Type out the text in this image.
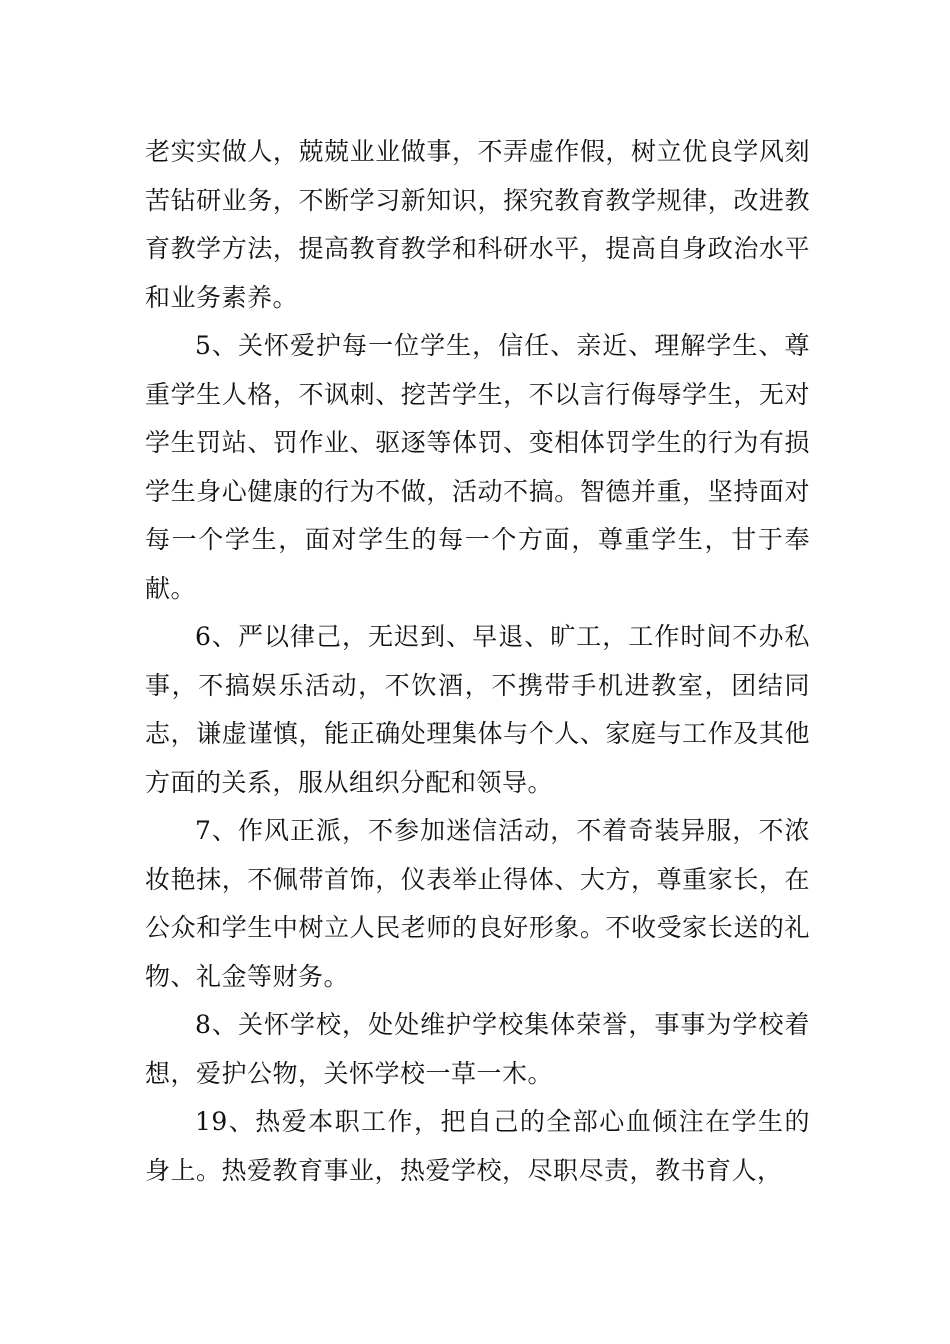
老实实做人，兢兢业业做事，不弄虚作假，树立优良学风刻苦钻研业务，不断学习新知识，探究教育教学规律，改进教育教学方法，提高教育教学和科研水平，提高自身政治水平和业务素养。

5、关怀爱护每一位学生，信任、亲近、理解学生、尊重学生人格，不讽刺、挖苦学生，不以言行侮辱学生，无对学生罚站、罚作业、驱逐等体罚、变相体罚学生的行为有损学生身心健康的行为不做，活动不搞。智德并重，坚持面对每一个学生，面对学生的每一个方面，尊重学生，甘于奉献。

6、严以律己，无迟到、早退、旷工，工作时间不办私事，不搞娱乐活动，不饮酒，不携带手机进教室，团结同志，谦虚谨慎，能正确处理集体与个人、家庭与工作及其他方面的关系，服从组织分配和领导。

7、作风正派，不参加迷信活动，不着奇装异服，不浓妆艳抹，不佩带首饰，仪表举止得体、大方，尊重家长，在公众和学生中树立人民老师的良好形象。不收受家长送的礼物、礼金等财务。

8、关怀学校，处处维护学校集体荣誉，事事为学校着想，爱护公物，关怀学校一草一木。

19、热爱本职工作，把自己的全部心血倾注在学生的身上。热爱教育事业，热爱学校，尽职尽责，教书育人，
